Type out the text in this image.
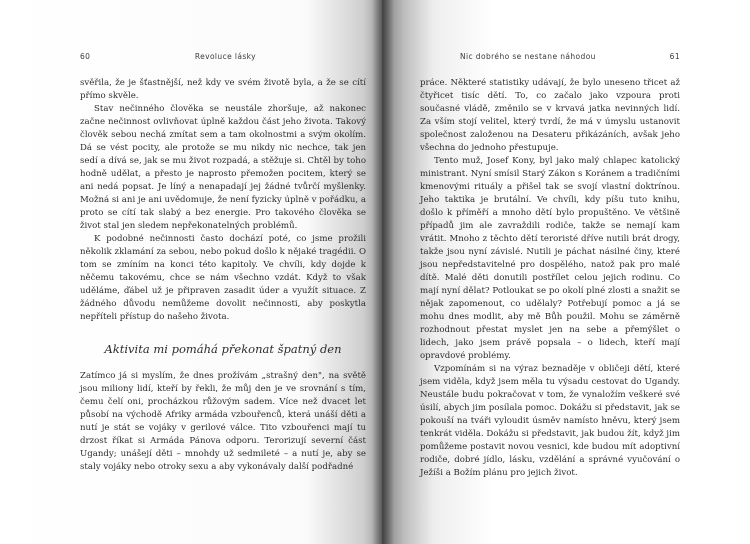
60	Revoluce lásky

svěřila, že je šťastnější, než kdy ve svém životě byla, a že se cítí přímo skvěle.

Stav nečinného člověka se neustále zhoršuje, až nakonec začne nečinnost ovlivňovat úplně každou část jeho života. Takový člověk sebou nechá zmítat sem a tam okolnostmi a svým okolím. Dá se vést pocity, ale protože se mu nikdy nic nechce, tak jen sedí a dívá se, jak se mu život rozpadá, a stěžuje si. Chtěl by toho hodně udělat, a přesto je naprosto přemožen pocitem, který se ani nedá popsat. Je líný a nenapadají jej žádné tvůrčí myšlenky. Možná si ani je ani uvědomuje, že není fyzicky úplně v pořádku, a proto se cítí tak slabý a bez energie. Pro takového člověka se život stal jen sledem nepřekonatelných problémů.

K podobné nečinnosti často dochází poté, co jsme prožili několik zklamání za sebou, nebo pokud došlo k nějaké tragédii. O tom se zmíním na konci této kapitoly. Ve chvíli, kdy dojde k něčemu takovému, chce se nám všechno vzdát. Když to však uděláme, ďábel už je připraven zasadit úder a využít situace. Z žádného důvodu nemůžeme dovolit nečinnosti, aby poskytla nepříteli přístup do našeho života.

Aktivita mi pomáhá překonat špatný den

Zatímco já si myslím, že dnes prožívám „strašný den", na světě jsou miliony lidí, kteří by řekli, že můj den je ve srovnání s tím, čemu čelí oni, procházkou růžovým sadem. Více než dvacet let působí na východě Afriky armáda vzbouřenců, která unáší děti a nutí je stát se vojáky v gerilové válce. Tito vzbouřenci mají tu drzost říkat si Armáda Pánova odporu. Terorizují severní část Ugandy; unášejí děti – mnohdy už sedmileté – a nutí je, aby se staly vojáky nebo otroky sexu a aby vykonávaly další podřadné

Nic dobrého se nestane náhodou	61

práce. Některé statistiky udávají, že bylo uneseno třicet až čtyřicet tisíc dětí. To, co začalo jako vzpoura proti současné vládě, změnilo se v krvavá jatka nevinných lidí. Za vším stojí velitel, který tvrdí, že má v úmyslu ustanovit společnost založenou na Desateru přikázáních, avšak jeho všechna do jednoho přestupuje.

Tento muž, Josef Kony, byl jako malý chlapec katolický ministrant. Nyní smísil Starý Zákon s Koránem a tradičními kmenovými rituály a přišel tak se svojí vlastní doktrínou. Jeho taktika je brutální. Ve chvíli, kdy píšu tuto knihu, došlo k příměří a mnoho dětí bylo propuštěno. Ve většině případů jim ale zavraždili rodiče, takže se nemají kam vrátit. Mnoho z těchto dětí teroristé dříve nutili brát drogy, takže jsou nyní závislé. Nutili je páchat násilné činy, které jsou nepředstavitelné pro dospělého, natož pak pro malé dítě. Malé děti donutili postřílet celou jejich rodinu. Co mají nyní dělat? Potloukat se po okolí plné zlosti a snažit se nějak zapomenout, co udělaly? Potřebují pomoc a já se mohu dnes modlit, aby mě Bůh použil. Mohu se záměrně rozhodnout přestat myslet jen na sebe a přemýšlet o lidech, jako jsem právě popsala – o lidech, kteří mají opravdové problémy.

Vzpomínám si na výraz beznaděje v obličeji dětí, které jsem viděla, když jsem měla tu výsadu cestovat do Ugandy. Neustále budu pokračovat v tom, že vynaložím veškeré své úsilí, abych jim posílala pomoc. Dokážu si představit, jak se pokouší na tváři vyloudit úsměv namísto hněvu, který jsem tenkrát viděla. Dokážu si představit, jak budou žít, když jim pomůžeme postavit novou vesnici, kde budou mít adoptivní rodiče, dobré jídlo, lásku, vzdělání a správné vyučování o Ježíši a Božím plánu pro jejich život.
